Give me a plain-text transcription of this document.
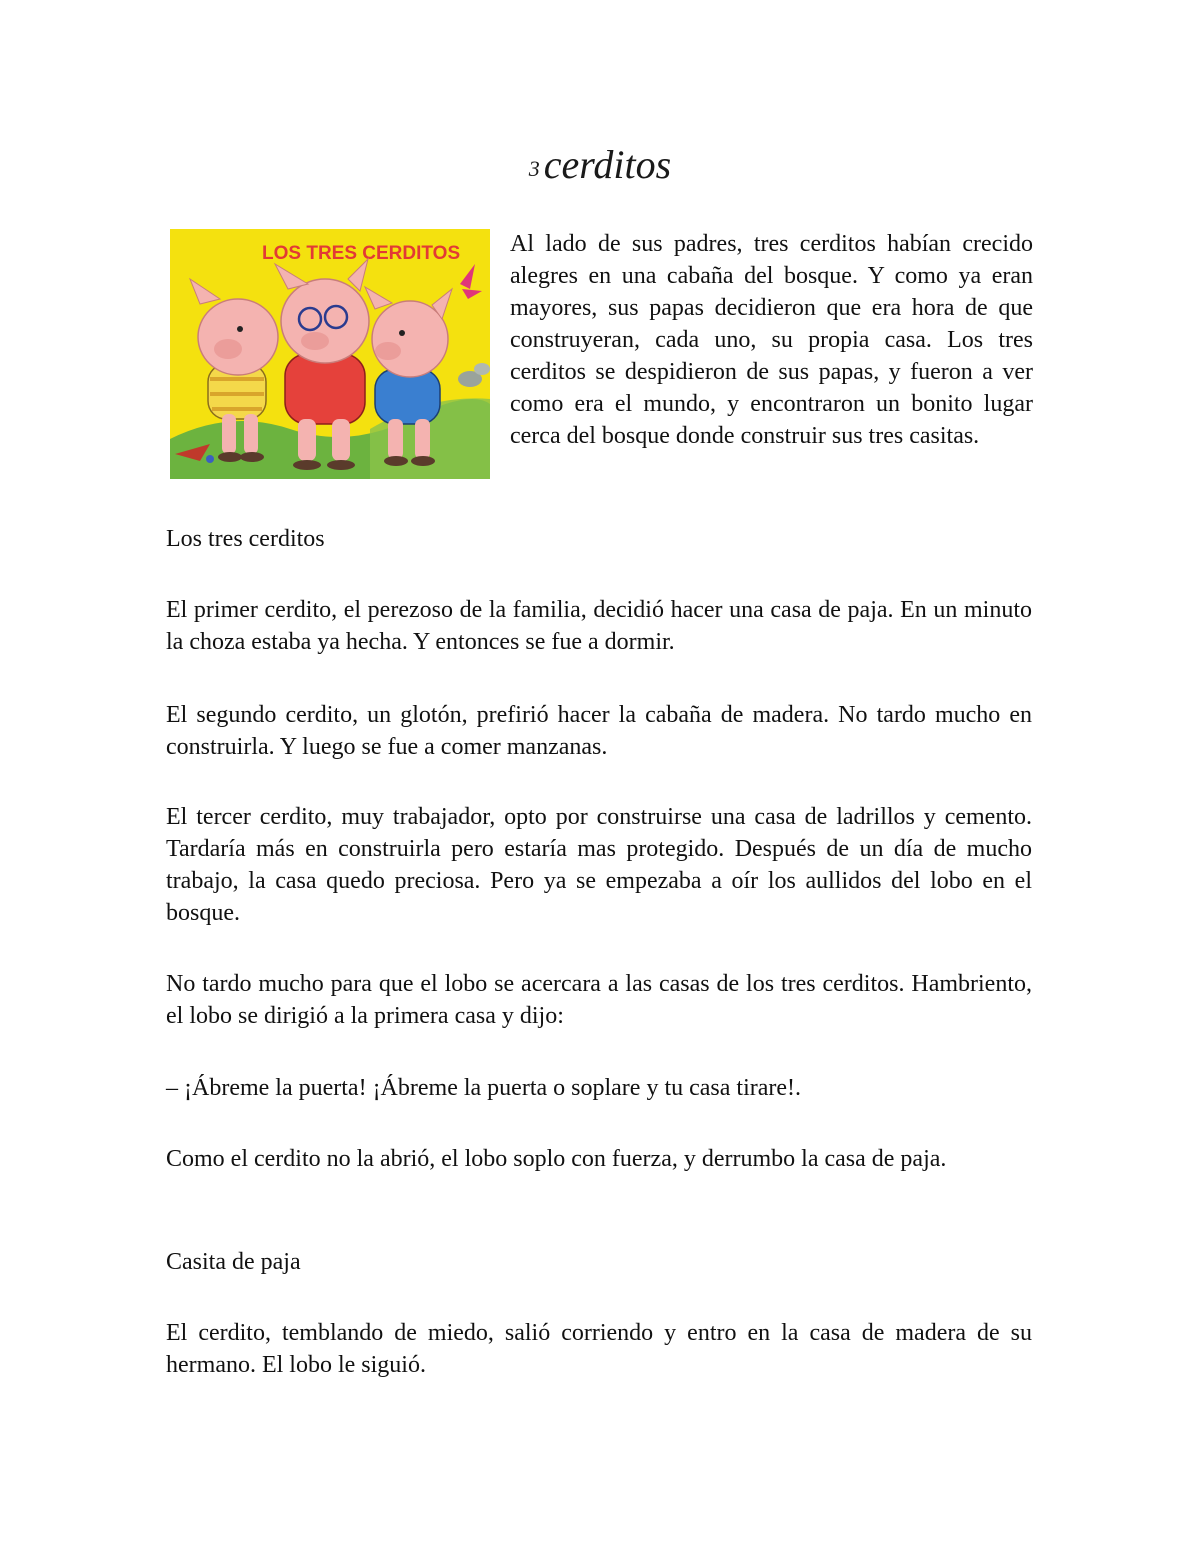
3 cerditos
LOS TRES CERDITOS Al lado de sus padres, tres cerditos habían crecido alegres en una cabaña del bosque. Y como ya eran mayores, sus papas decidieron que era hora de que construyeran, cada uno, su propia casa. Los tres cerditos se despidieron de sus papas, y fueron a ver como era el mundo, y encontraron un bonito lugar cerca del bosque donde construir sus tres casitas.

Los tres cerditos

El primer cerdito, el perezoso de la familia, decidió hacer una casa de paja. En un minuto la choza estaba ya hecha. Y entonces se fue a dormir.

El segundo cerdito, un glotón, prefirió hacer la cabaña de madera. No tardo mucho en construirla. Y luego se fue a comer manzanas.

El tercer cerdito, muy trabajador, opto por construirse una casa de ladrillos y cemento. Tardaría más en construirla pero estaría mas protegido. Después de un día de mucho trabajo, la casa quedo preciosa. Pero ya se empezaba a oír los aullidos del lobo en el bosque.

No tardo mucho para que el lobo se acercara a las casas de los tres cerditos. Hambriento, el lobo se dirigió a la primera casa y dijo:

– ¡Ábreme la puerta! ¡Ábreme la puerta o soplare y tu casa tirare!.

Como el cerdito no la abrió, el lobo soplo con fuerza, y derrumbo la casa de paja.

Casita de paja

El cerdito, temblando de miedo, salió corriendo y entro en la casa de madera de su hermano. El lobo le siguió.
